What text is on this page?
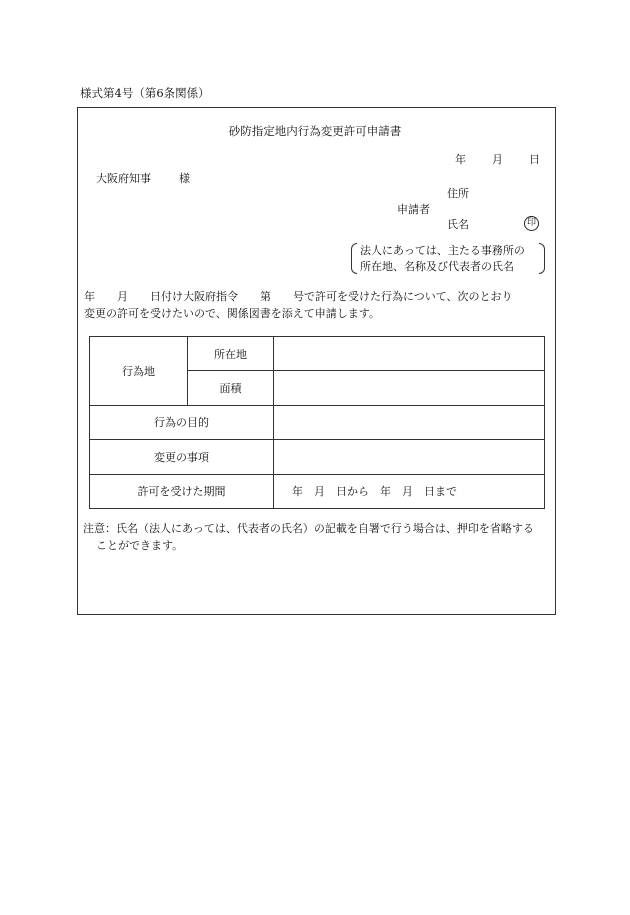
様式第4号（第6条関係）
砂防指定地内行為変更許可申請書
年 月 日
大阪府知事	様
住所
申請者
氏名	印
法人にあっては、主たる事務所の
所在地、名称及び代表者の氏名
年　　月　　日付け大阪府指令　　第　　号で許可を受けた行為について、次のとおり
変更の許可を受けたいので、関係図書を添えて申請します。
行為地	所在地	
	面積	
行為の目的		
変更の事項		
許可を受けた期間		年　月　日から　年　月　日まで
注意：氏名（法人にあっては、代表者の氏名）の記載を自署で行う場合は、押印を省略する
ことができます。
